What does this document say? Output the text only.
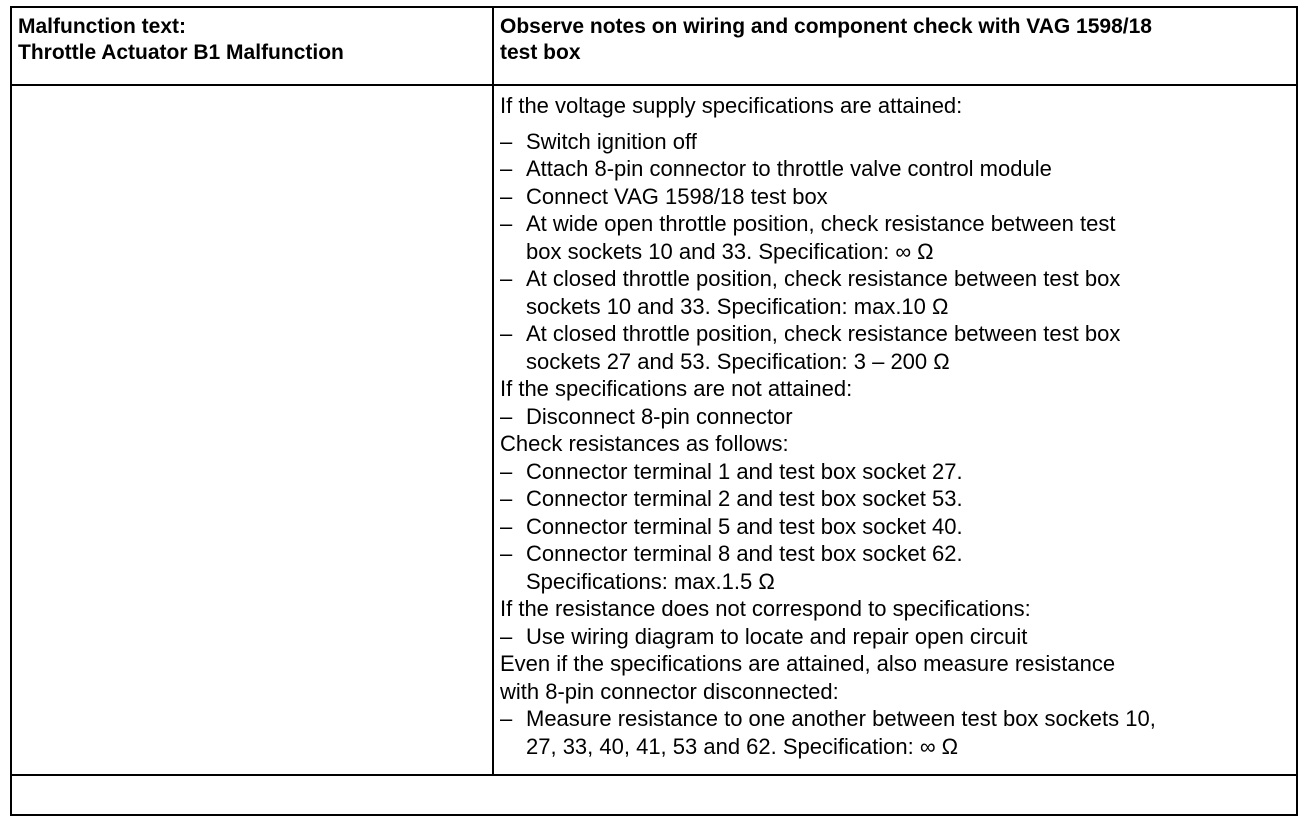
Malfunction text:
Throttle Actuator B1 Malfunction
Observe notes on wiring and component check with VAG 1598/18
test box
If the voltage supply specifications are attained:
– Switch ignition off
– Attach 8-pin connector to throttle valve control module
– Connect VAG 1598/18 test box
– At wide open throttle position, check resistance between test
box sockets 10 and 33. Specification: ∞ Ω
– At closed throttle position, check resistance between test box
sockets 10 and 33. Specification: max.10 Ω
– At closed throttle position, check resistance between test box
sockets 27 and 53. Specification: 3 – 200 Ω
If the specifications are not attained:
– Disconnect 8-pin connector
Check resistances as follows:
– Connector terminal 1 and test box socket 27.
– Connector terminal 2 and test box socket 53.
– Connector terminal 5 and test box socket 40.
– Connector terminal 8 and test box socket 62.
Specifications: max.1.5 Ω
If the resistance does not correspond to specifications:
– Use wiring diagram to locate and repair open circuit
Even if the specifications are attained, also measure resistance
with 8-pin connector disconnected:
– Measure resistance to one another between test box sockets 10,
27, 33, 40, 41, 53 and 62. Specification: ∞ Ω
